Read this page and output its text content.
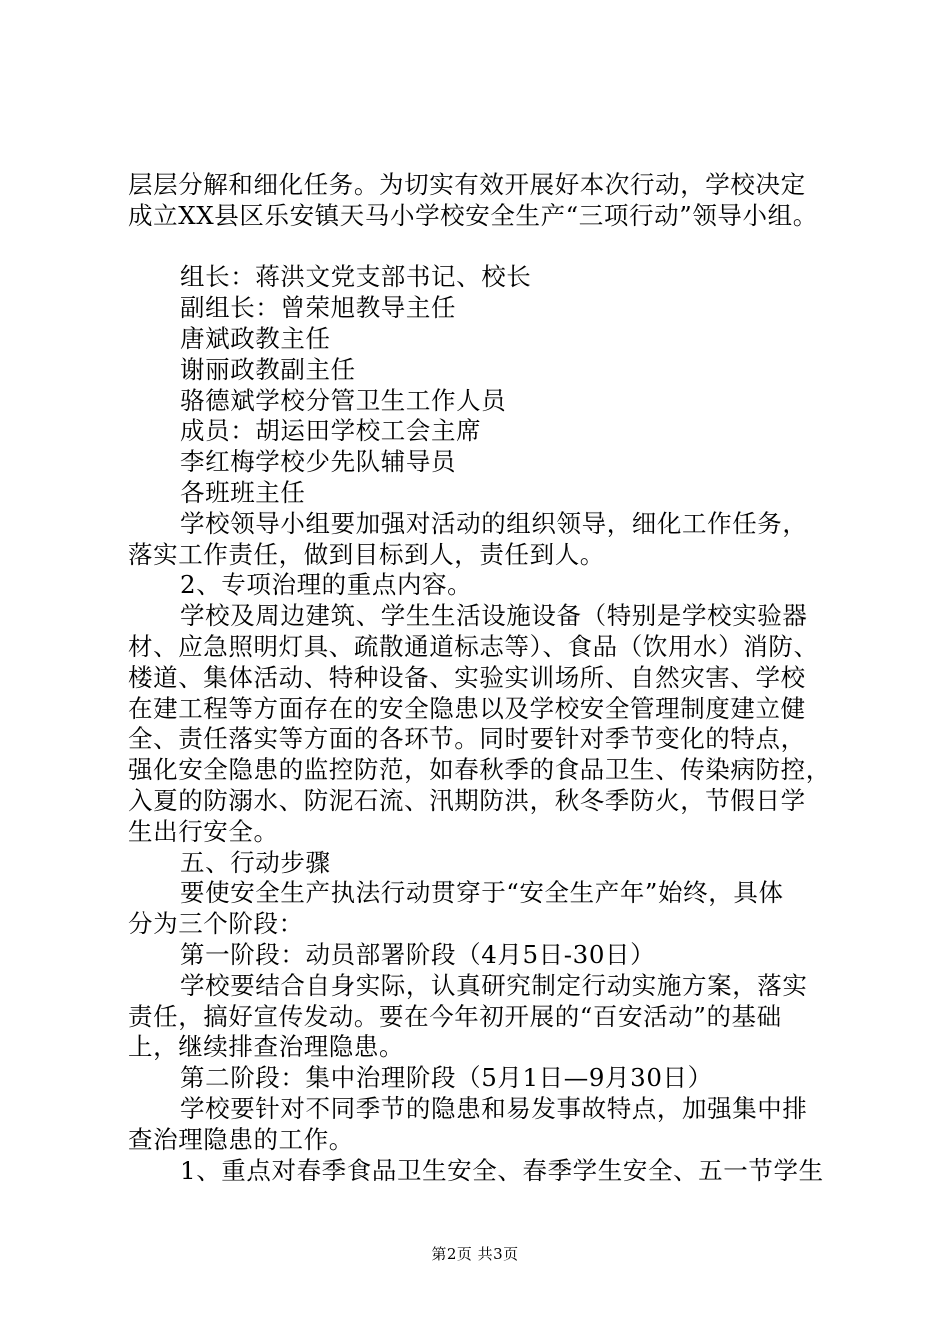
层层分解和细化任务。为切实有效开展好本次行动，学校决定

成立XX县区乐安镇天马小学校安全生产“三项行动”领导小组。

组长：蒋洪文党支部书记、校长

副组长：曾荣旭教导主任

唐斌政教主任

谢丽政教副主任

骆德斌学校分管卫生工作人员

成员：胡运田学校工会主席

李红梅学校少先队辅导员

各班班主任

学校领导小组要加强对活动的组织领导，细化工作任务，

落实工作责任，做到目标到人，责任到人。

2、专项治理的重点内容。

学校及周边建筑、学生生活设施设备（特别是学校实验器

材、应急照明灯具、疏散通道标志等）、食品（饮用水）消防、

楼道、集体活动、特种设备、实验实训场所、自然灾害、学校

在建工程等方面存在的安全隐患以及学校安全管理制度建立健

全、责任落实等方面的各环节。同时要针对季节变化的特点，

强化安全隐患的监控防范，如春秋季的食品卫生、传染病防控，

入夏的防溺水、防泥石流、汛期防洪，秋冬季防火，节假日学

生出行安全。

五、行动步骤

要使安全生产执法行动贯穿于“安全生产年”始终，具体

分为三个阶段：

第一阶段：动员部署阶段（4月5日-30日）

学校要结合自身实际，认真研究制定行动实施方案，落实

责任，搞好宣传发动。要在今年初开展的“百安活动”的基础

上，继续排查治理隐患。

第二阶段：集中治理阶段（5月1日—9月30日）

学校要针对不同季节的隐患和易发事故特点，加强集中排

查治理隐患的工作。

1、重点对春季食品卫生安全、春季学生安全、五一节学生

第2页 共3页
